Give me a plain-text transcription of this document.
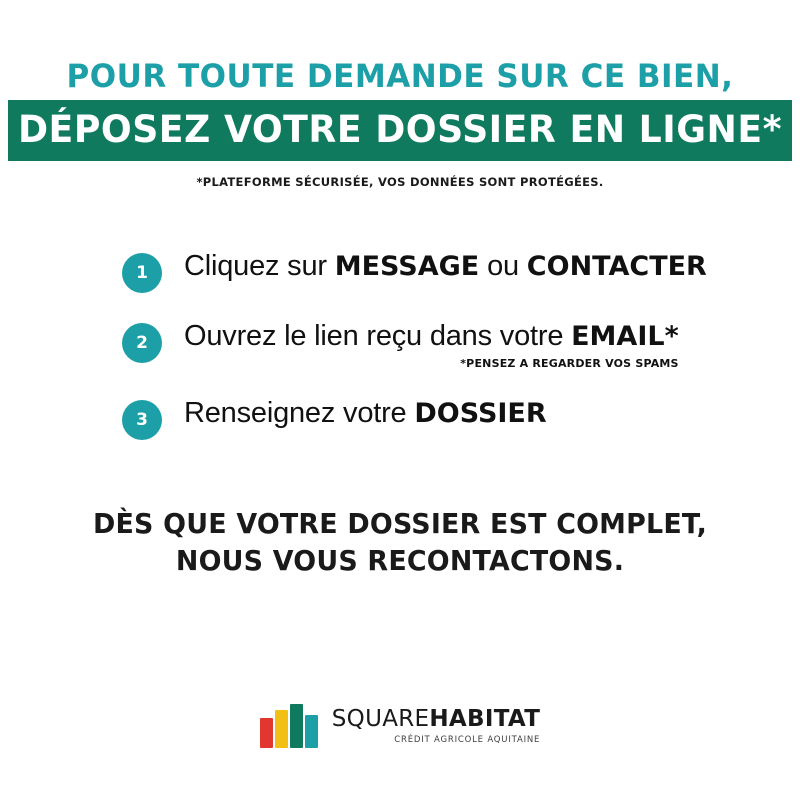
POUR TOUTE DEMANDE SUR CE BIEN,
DÉPOSEZ VOTRE DOSSIER EN LIGNE*
*PLATEFORME SÉCURISÉE, VOS DONNÉES SONT PROTÉGÉES.
1	Cliquez sur MESSAGE ou CONTACTER
2	Ouvrez le lien reçu dans votre EMAIL*
*PENSEZ A REGARDER VOS SPAMS
3	Renseignez votre DOSSIER
DÈS QUE VOTRE DOSSIER EST COMPLET,
NOUS VOUS RECONTACTONS.
SQUAREHABITAT
CRÉDIT AGRICOLE AQUITAINE
